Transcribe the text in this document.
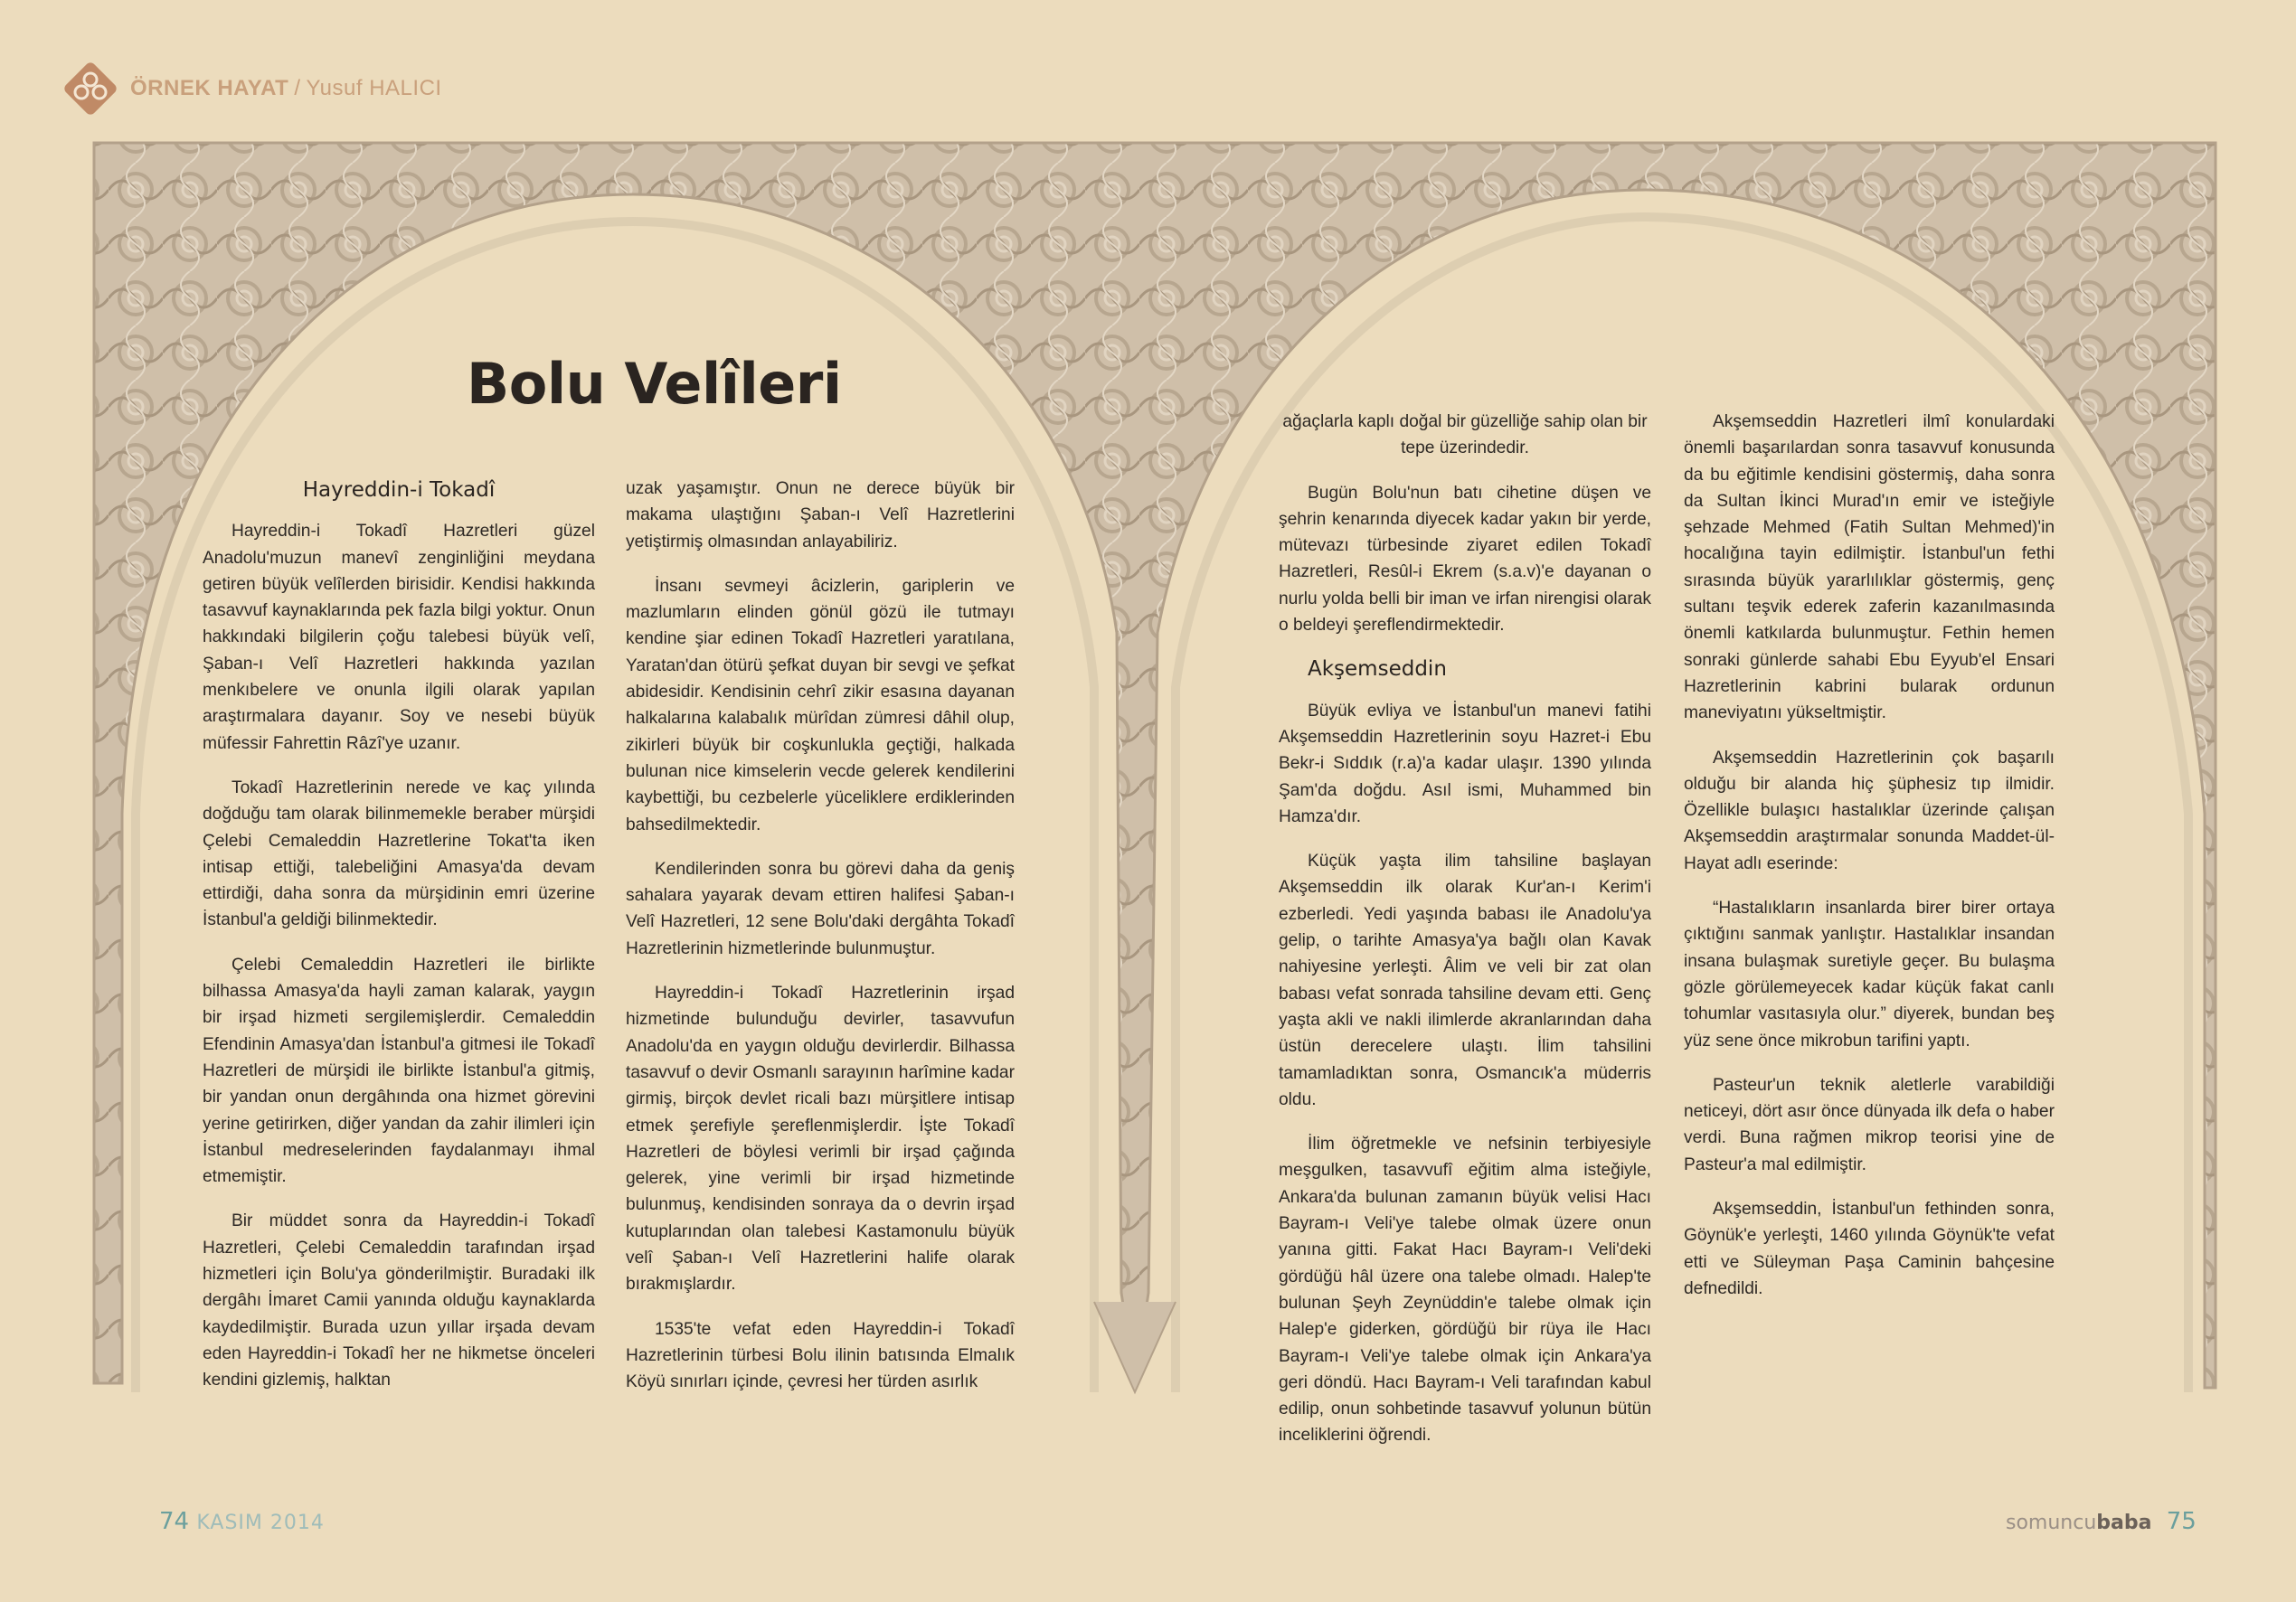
ÖRNEK HAYAT / Yusuf HALICI
Bolu Velîleri
Hayreddin-i Tokadî

Hayreddin-i Tokadî Hazretleri güzel Anadolu'muzun manevî zenginliğini meydana getiren büyük velîlerden birisidir. Kendisi hakkında tasavvuf kaynaklarında pek fazla bilgi yoktur. Onun hakkındaki bilgilerin çoğu talebesi büyük velî, Şaban-ı Velî Hazretleri hakkında yazılan menkıbelere ve onunla ilgili olarak yapılan araştırmalara dayanır. Soy ve nesebi büyük müfessir Fahrettin Râzî'ye uzanır.

Tokadî Hazretlerinin nerede ve kaç yılında doğduğu tam olarak bilinmemekle beraber mürşidi Çelebi Cemaleddin Hazretlerine Tokat'ta iken intisap ettiği, talebeliğini Amasya'da devam ettirdiği, daha sonra da mürşidinin emri üzerine İstanbul'a geldiği bilinmektedir.

Çelebi Cemaleddin Hazretleri ile birlikte bilhassa Amasya'da hayli zaman kalarak, yaygın bir irşad hizmeti sergilemişlerdir. Cemaleddin Efendinin Amasya'dan İstanbul'a gitmesi ile Tokadî Hazretleri de mürşidi ile birlikte İstanbul'a gitmiş, bir yandan onun dergâhında ona hizmet görevini yerine getirirken, diğer yandan da zahir ilimleri için İstanbul medreselerinden faydalanmayı ihmal etmemiştir.

Bir müddet sonra da Hayreddin-i Tokadî Hazretleri, Çelebi Cemaleddin tarafından irşad hizmetleri için Bolu'ya gönderilmiştir. Buradaki ilk dergâhı İmaret Camii yanında olduğu kaynaklarda kaydedilmiştir. Burada uzun yıllar irşada devam eden Hayreddin-i Tokadî her ne hikmetse önceleri kendini gizlemiş, halktan

uzak yaşamıştır. Onun ne derece büyük bir makama ulaştığını Şaban-ı Velî Hazretlerini yetiştirmiş olmasından anlayabiliriz.

İnsanı sevmeyi âcizlerin, gariplerin ve mazlumların elinden gönül gözü ile tutmayı kendine şiar edinen Tokadî Hazretleri yaratılana, Yaratan'dan ötürü şefkat duyan bir sevgi ve şefkat abidesidir. Kendisinin cehrî zikir esasına dayanan halkalarına kalabalık mürîdan zümresi dâhil olup, zikirleri büyük bir coşkunlukla geçtiği, halkada bulunan nice kimselerin vecde gelerek kendilerini kaybettiği, bu cezbelerle yüceliklere erdiklerinden bahsedilmektedir.

Kendilerinden sonra bu görevi daha da geniş sahalara yayarak devam ettiren halifesi Şaban-ı Velî Hazretleri, 12 sene Bolu'daki dergâhta Tokadî Hazretlerinin hizmetlerinde bulunmuştur.

Hayreddin-i Tokadî Hazretlerinin irşad hizmetinde bulunduğu devirler, tasavvufun Anadolu'da en yaygın olduğu devirlerdir. Bilhassa tasavvuf o devir Osmanlı sarayının harîmine kadar girmiş, birçok devlet ricali bazı mürşitlere intisap etmek şerefiyle şereflenmişlerdir. İşte Tokadî Hazretleri de böylesi verimli bir irşad çağında gelerek, yine verimli bir irşad hizmetinde bulunmuş, kendisinden sonraya da o devrin irşad kutuplarından olan talebesi Kastamonulu büyük velî Şaban-ı Velî Hazretlerini halife olarak bırakmışlardır.

1535'te vefat eden Hayreddin-i Tokadî Hazretlerinin türbesi Bolu ilinin batısında Elmalık Köyü sınırları içinde, çevresi her türden asırlık

ağaçlarla kaplı doğal bir güzelliğe sahip olan bir tepe üzerindedir.

Bugün Bolu'nun batı cihetine düşen ve şehrin kenarında diyecek kadar yakın bir yerde, mütevazı türbesinde ziyaret edilen Tokadî Hazretleri, Resûl-i Ekrem (s.a.v)'e dayanan o nurlu yolda belli bir iman ve irfan nirengisi olarak o beldeyi şereflendirmektedir.

Akşemseddin

Büyük evliya ve İstanbul'un manevi fatihi Akşemseddin Hazretlerinin soyu Hazret-i Ebu Bekr-i Sıddık (r.a)'a kadar ulaşır. 1390 yılında Şam'da doğdu. Asıl ismi, Muhammed bin Hamza'dır.

Küçük yaşta ilim tahsiline başlayan Akşemseddin ilk olarak Kur'an-ı Kerim'i ezberledi. Yedi yaşında babası ile Anadolu'ya gelip, o tarihte Amasya'ya bağlı olan Kavak nahiyesine yerleşti. Âlim ve veli bir zat olan babası vefat sonrada tahsiline devam etti. Genç yaşta akli ve nakli ilimlerde akranlarından daha üstün derecelere ulaştı. İlim tahsilini tamamladıktan sonra, Osmancık'a müderris oldu.

İlim öğretmekle ve nefsinin terbiyesiyle meşgulken, tasavvufî eğitim alma isteğiyle, Ankara'da bulunan zamanın büyük velisi Hacı Bayram-ı Veli'ye talebe olmak üzere onun yanına gitti. Fakat Hacı Bayram-ı Veli'deki gördüğü hâl üzere ona talebe olmadı. Halep'te bulunan Şeyh Zeynüddin'e talebe olmak için Halep'e giderken, gördüğü bir rüya ile Hacı Bayram-ı Veli'ye talebe olmak için Ankara'ya geri döndü. Hacı Bayram-ı Veli tarafından kabul edilip, onun sohbetinde tasavvuf yolunun bütün inceliklerini öğrendi.

Akşemseddin Hazretleri ilmî konulardaki önemli başarılardan sonra tasavvuf konusunda da bu eğitimle kendisini göstermiş, daha sonra da Sultan İkinci Murad'ın emir ve isteğiyle şehzade Mehmed (Fatih Sultan Mehmed)'in hocalığına tayin edilmiştir. İstanbul'un fethi sırasında büyük yararlılıklar göstermiş, genç sultanı teşvik ederek zaferin kazanılmasında önemli katkılarda bulunmuştur. Fethin hemen sonraki günlerde sahabi Ebu Eyyub'el Ensari Hazretlerinin kabrini bularak ordunun maneviyatını yükseltmiştir.

Akşemseddin Hazretlerinin çok başarılı olduğu bir alanda hiç şüphesiz tıp ilmidir. Özellikle bulaşıcı hastalıklar üzerinde çalışan Akşemseddin araştırmalar sonunda Maddet-ül-Hayat adlı eserinde:

“Hastalıkların insanlarda birer birer ortaya çıktığını sanmak yanlıştır. Hastalıklar insandan insana bulaşmak suretiyle geçer. Bu bulaşma gözle görülemeyecek kadar küçük fakat canlı tohumlar vasıtasıyla olur.” diyerek, bundan beş yüz sene önce mikrobun tarifini yaptı.

Pasteur'un teknik aletlerle varabildiği neticeyi, dört asır önce dünyada ilk defa o haber verdi. Buna rağmen mikrop teorisi yine de Pasteur'a mal edilmiştir.

Akşemseddin, İstanbul'un fethinden sonra, Göynük'e yerleşti, 1460 yılında Göynük'te vefat etti ve Süleyman Paşa Caminin bahçesine defnedildi.

74 KASIM 2014	somuncubaba 75
